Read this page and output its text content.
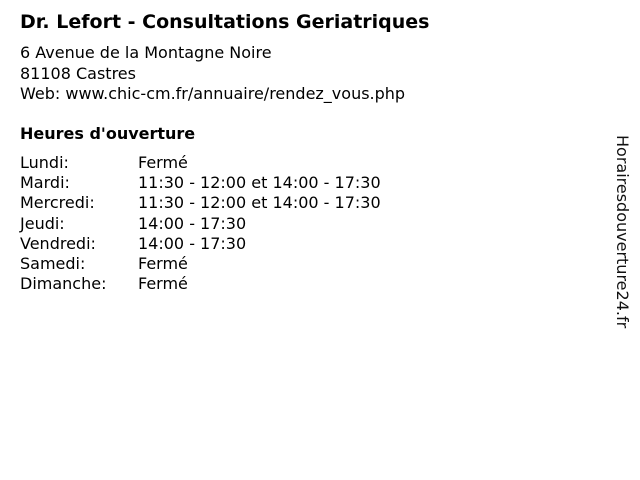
Dr. Lefort - Consultations Geriatriques
6 Avenue de la Montagne Noire
81108 Castres
Web: www.chic-cm.fr/annuaire/rendez_vous.php
Heures d'ouverture
Lundi:	Fermé
Mardi:	11:30 - 12:00 et 14:00 - 17:30
Mercredi:	11:30 - 12:00 et 14:00 - 17:30
Jeudi:	14:00 - 17:30
Vendredi:	14:00 - 17:30
Samedi:	Fermé
Dimanche:	Fermé	Horairesdouverture24.fr
